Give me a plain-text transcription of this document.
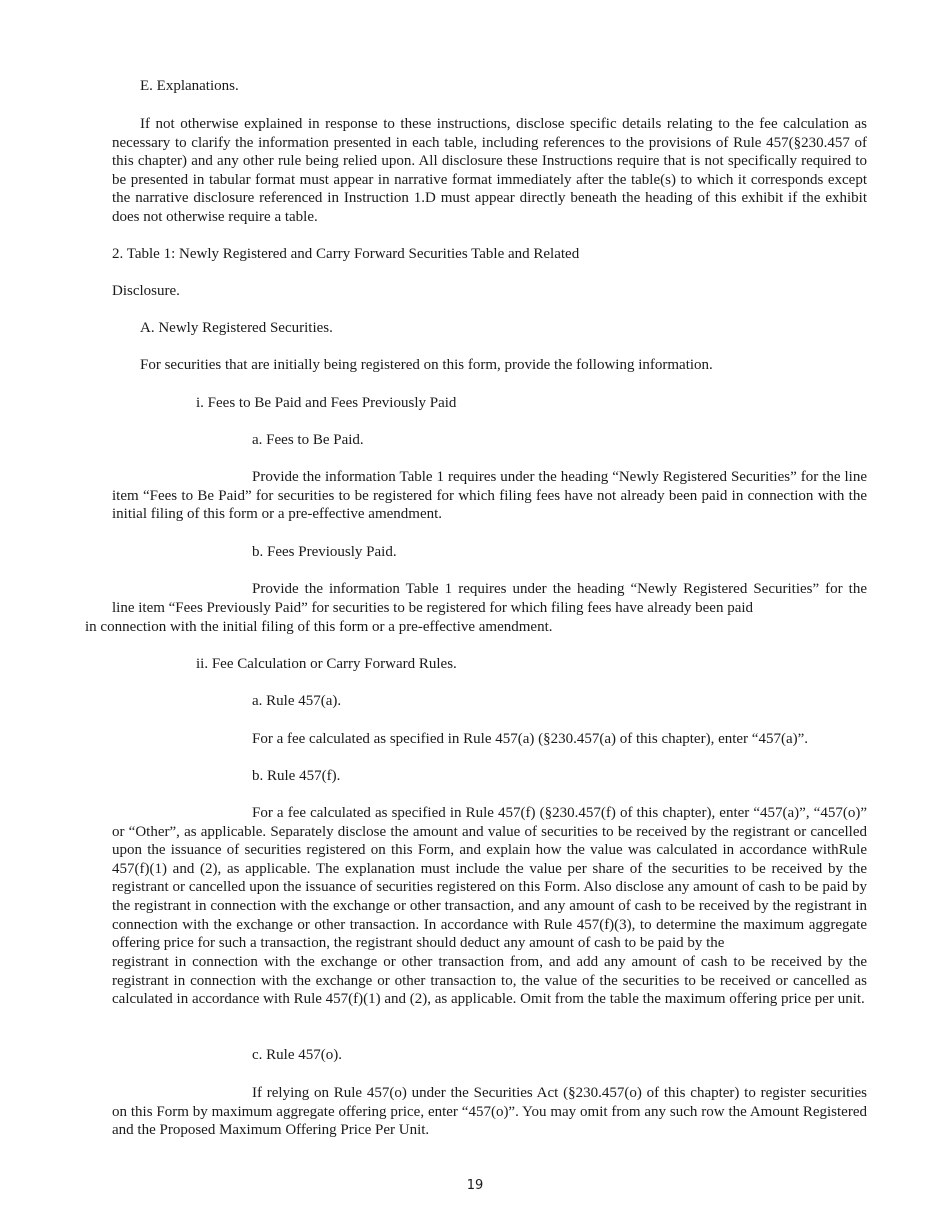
E. Explanations.

If not otherwise explained in response to these instructions, disclose specific details relating to the fee calculation as necessary to clarify the information presented in each table, including references to the provisions of Rule 457(§230.457 of this chapter) and any other rule being relied upon. All disclosure these Instructions require that is not specifically required to be presented in tabular format must appear in narrative format immediately after the table(s) to which it corresponds except the narrative disclosure referenced in Instruction 1.D must appear directly beneath the heading of this exhibit if the exhibit does not otherwise require a table.

2. Table 1: Newly Registered and Carry Forward Securities Table and Related

Disclosure.

A. Newly Registered Securities.

For securities that are initially being registered on this form, provide the following information.

i. Fees to Be Paid and Fees Previously Paid

a. Fees to Be Paid.

Provide the information Table 1 requires under the heading “Newly Registered Securities” for the line item “Fees to Be Paid” for securities to be registered for which filing fees have not already been paid in connection with the initial filing of this form or a pre-effective amendment.

b. Fees Previously Paid.

Provide the information Table 1 requires under the heading “Newly Registered Securities” for the

line item “Fees Previously Paid” for securities to be registered for which filing fees have already been paid

in connection with the initial filing of this form or a pre-effective amendment.

ii. Fee Calculation or Carry Forward Rules.

a. Rule 457(a).

For a fee calculated as specified in Rule 457(a) (§230.457(a) of this chapter), enter “457(a)”.

b. Rule 457(f).

For a fee calculated as specified in Rule 457(f) (§230.457(f) of this chapter), enter “457(a)”, “457(o)” or “Other”, as applicable. Separately disclose the amount and value of securities to be received by the registrant or cancelled upon the issuance of securities registered on this Form, and explain how the value was calculated in accordance withRule 457(f)(1) and (2), as applicable. The explanation must include the value per share of the securities to be received by the registrant or cancelled upon the issuance of securities registered on this Form. Also disclose any amount of cash to be paid by the registrant in connection with the exchange or other transaction, and any amount of cash to be received by the registrant in connection with the exchange or other transaction. In accordance with Rule 457(f)(3), to determine the maximum aggregate offering price for such a transaction, the registrant should deduct any amount of cash to be paid by the

registrant in connection with the exchange or other transaction from, and add any amount of cash to be received by the registrant in connection with the exchange or other transaction to, the value of the securities to be received or cancelled as calculated in accordance with Rule 457(f)(1) and (2), as applicable. Omit from the table the maximum offering price per unit.

c. Rule 457(o).

If relying on Rule 457(o) under the Securities Act (§230.457(o) of this chapter) to register securities on this Form by maximum aggregate offering price, enter “457(o)”. You may omit from any such row the Amount Registered and the Proposed Maximum Offering Price Per Unit.

19
